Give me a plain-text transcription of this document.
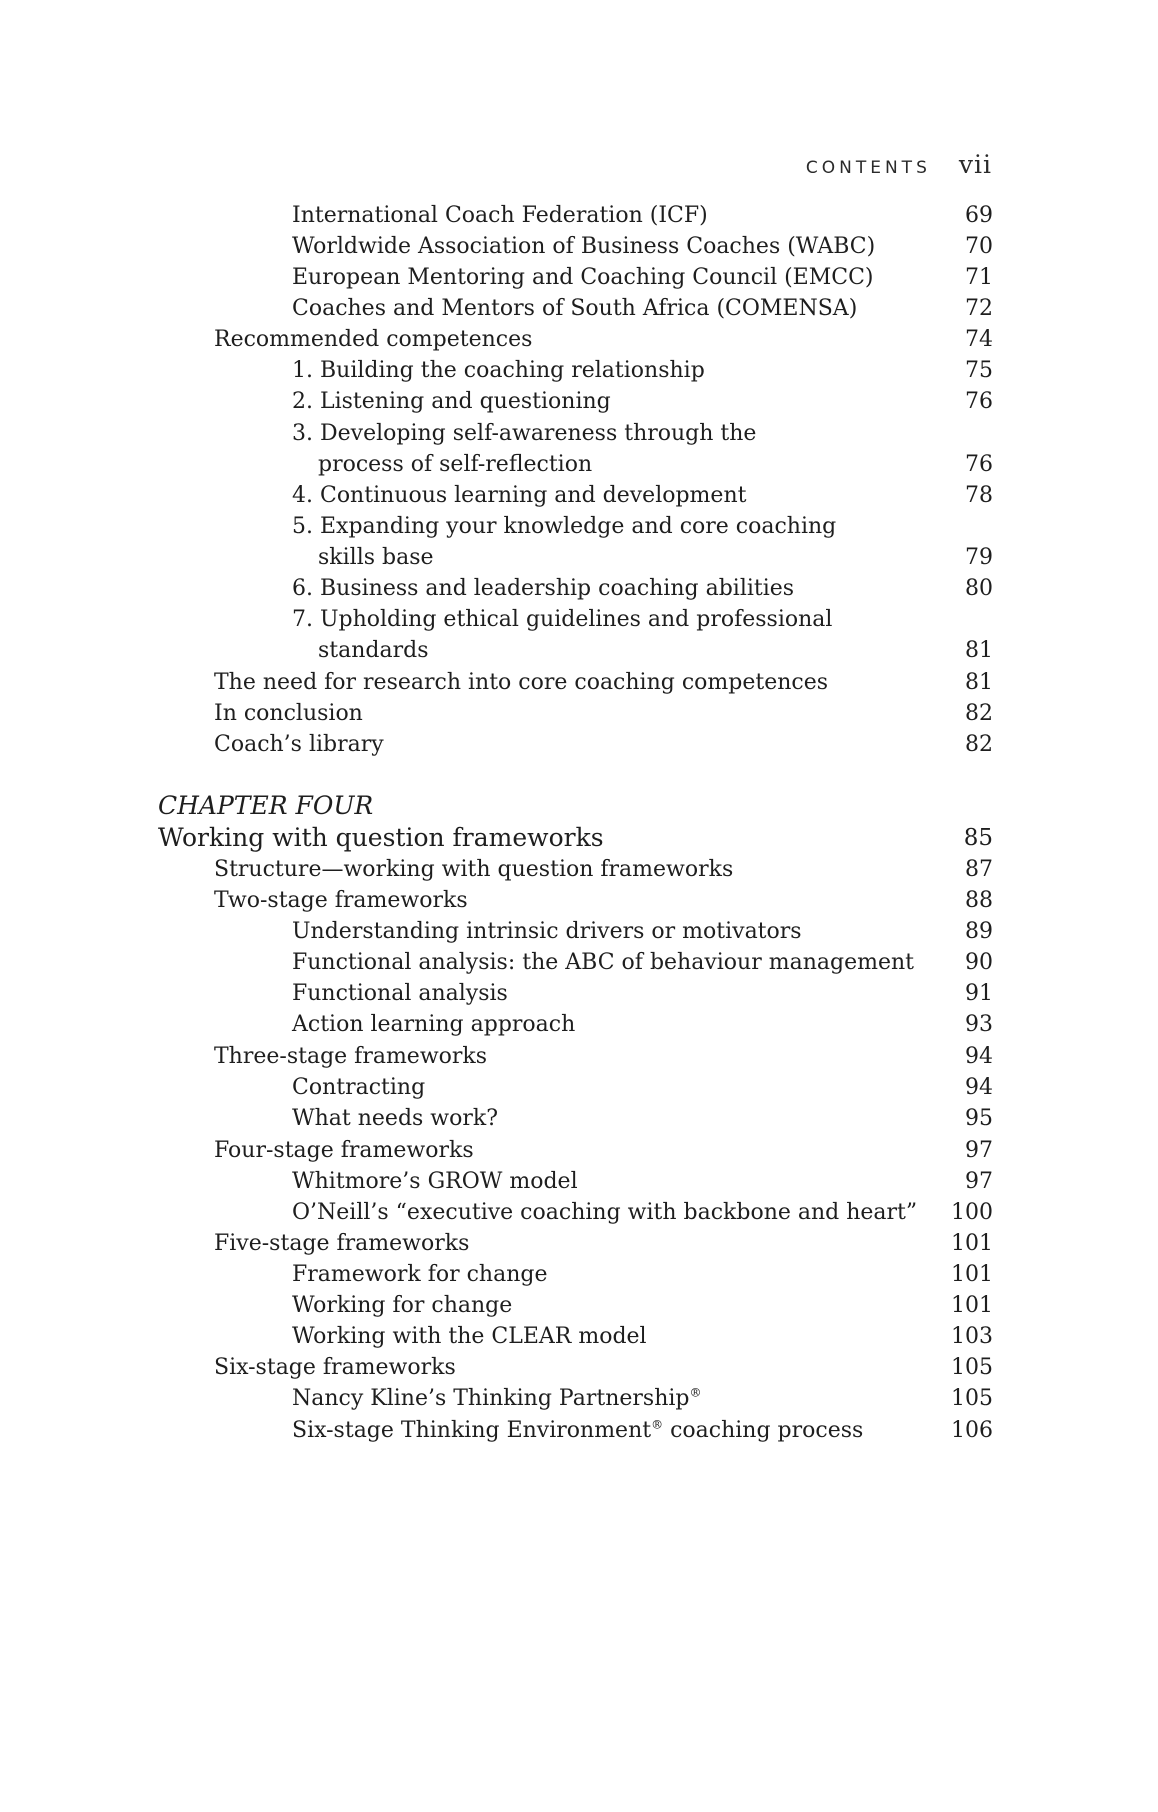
CONTENTS vii
International Coach Federation (ICF)	69
Worldwide Association of Business Coaches (WABC)	70
European Mentoring and Coaching Council (EMCC)	71
Coaches and Mentors of South Africa (COMENSA)	72
Recommended competences	74
1. Building the coaching relationship	75
2. Listening and questioning	76
3. Developing self-awareness through the
process of self-reflection	76
4. Continuous learning and development	78
5. Expanding your knowledge and core coaching
skills base	79
6. Business and leadership coaching abilities	80
7. Upholding ethical guidelines and professional
standards	81
The need for research into core coaching competences	81
In conclusion	82
Coach’s library	82
CHAPTER FOUR
Working with question frameworks	85
Structure—working with question frameworks	87
Two-stage frameworks	88
Understanding intrinsic drivers or motivators	89
Functional analysis: the ABC of behaviour management 90
Functional analysis	91
Action learning approach	93
Three-stage frameworks	94
Contracting	94
What needs work?	95
Four-stage frameworks	97
Whitmore’s GROW model	97
O’Neill’s “executive coaching with backbone and heart” 100
Five-stage frameworks	101
Framework for change	101
Working for change	101
Working with the CLEAR model	103
Six-stage frameworks	105
Nancy Kline’s Thinking Partnership®	105
Six-stage Thinking Environment® coaching process	106
